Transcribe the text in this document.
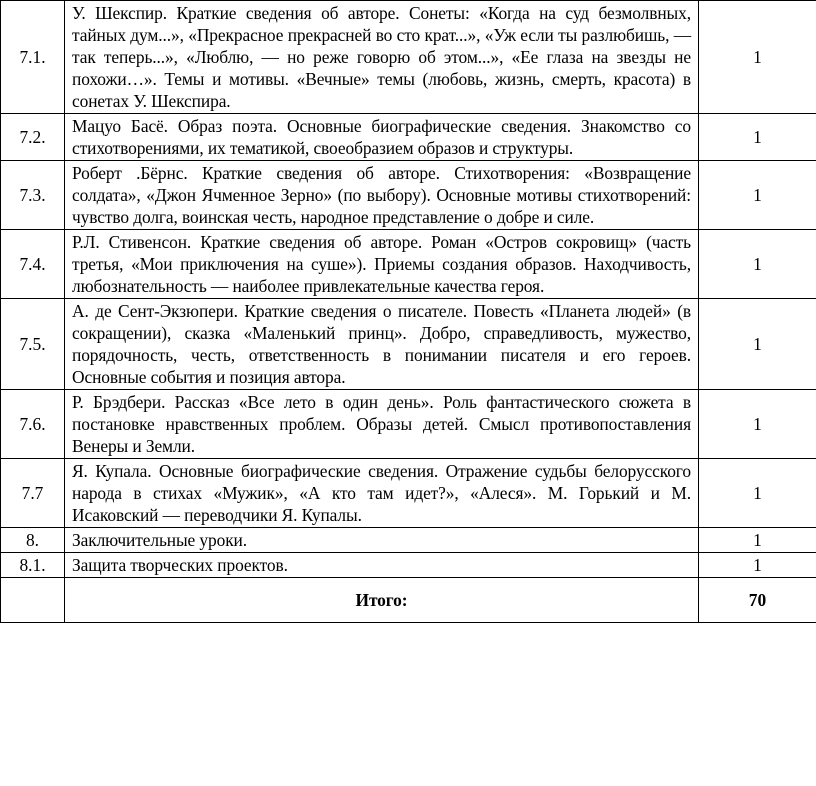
7.1.	У. Шекспир. Краткие сведения об авторе. Сонеты: «Когда на суд безмолвных, тайных дум...», «Прекрасное прекрасней во сто крат...», «Уж если ты разлюбишь, — так теперь...», «Люблю, — но реже говорю об этом...», «Ее глаза на звезды не похожи…». Темы и мотивы. «Вечные» темы (любовь, жизнь, смерть, красота) в сонетах У. Шекспира.	1
7.2.	Мацуо Басё. Образ поэта. Основные биографические сведения. Знакомство со стихотворениями, их тематикой, своеобразием образов и структуры.	1
7.3.	Роберт .Бёрнс. Краткие сведения об авторе. Стихотворения: «Возвращение солдата», «Джон Ячменное Зерно» (по выбору). Основные мотивы стихотворений: чувство долга, воинская честь, народное представление о добре и силе.	1
7.4.	Р.Л. Стивенсон. Краткие сведения об авторе. Роман «Остров сокровищ» (часть третья, «Мои приключения на суше»). Приемы создания образов. Находчивость, любознательность — наиболее привлекательные качества героя.	1
7.5.	А. де Сент-Экзюпери. Краткие сведения о писателе. Повесть «Планета людей» (в сокращении), сказка «Маленький принц». Добро, справедливость, мужество, порядочность, честь, ответственность в понимании писателя и его героев. Основные события и позиция автора.	1
7.6.	Р. Брэдбери. Рассказ «Все лето в один день». Роль фантастического сюжета в постановке нравственных проблем. Образы детей. Смысл противопоставления Венеры и Земли.	1
7.7	Я. Купала. Основные биографические сведения. Отражение судьбы белорусского народа в стихах «Мужик», «А кто там идет?», «Алеся». М. Горький и М. Исаковский — переводчики Я. Купалы.	1
8.	Заключительные уроки.	1
8.1.	Защита творческих проектов.	1
	Итого:	70
